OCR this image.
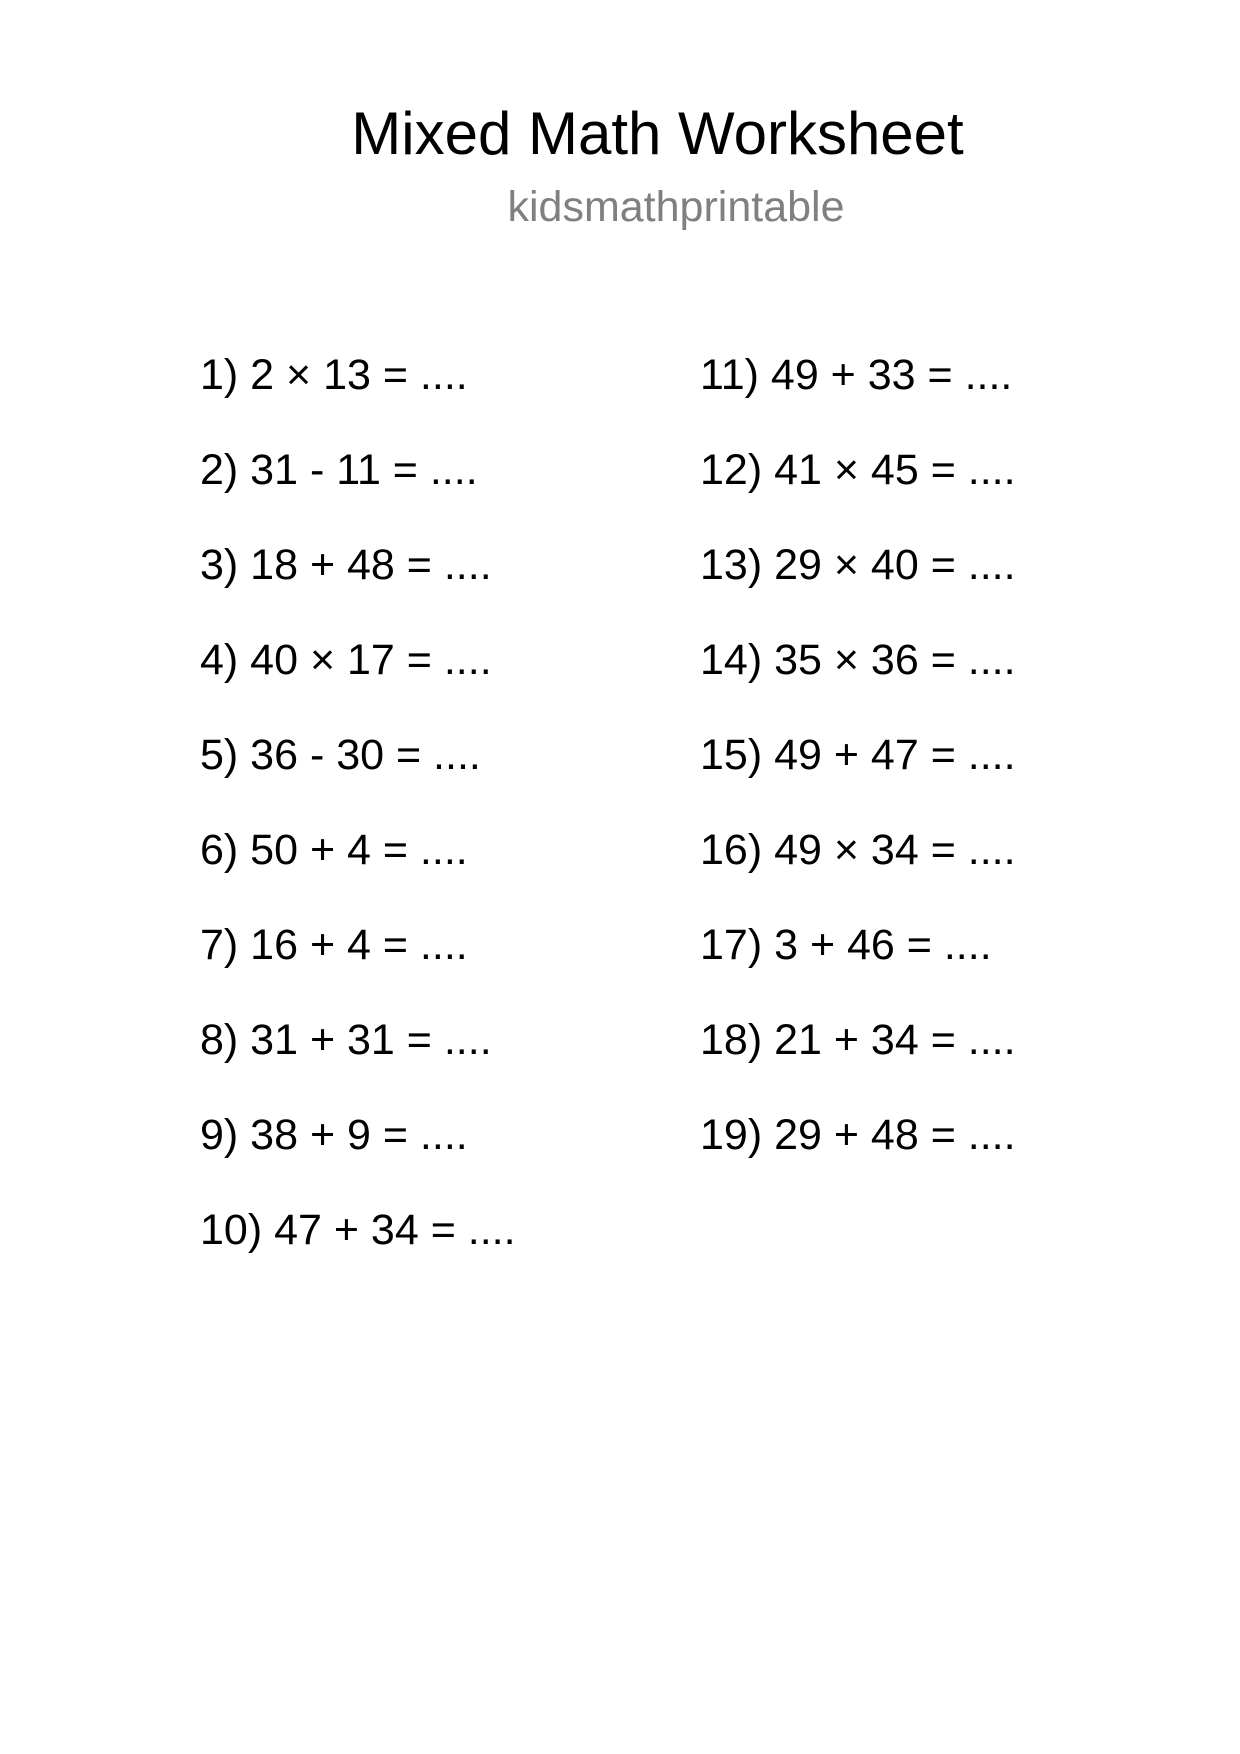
Mixed Math Worksheet
kidsmathprintable
1) 2 × 13 = ....
2) 31 - 11 = ....
3) 18 + 48 = ....
4) 40 × 17 = ....
5) 36 - 30 = ....
6) 50 + 4 = ....
7) 16 + 4 = ....
8) 31 + 31 = ....
9) 38 + 9 = ....
10) 47 + 34 = ....
11) 49 + 33 = ....
12) 41 × 45 = ....
13) 29 × 40 = ....
14) 35 × 36 = ....
15) 49 + 47 = ....
16) 49 × 34 = ....
17) 3 + 46 = ....
18) 21 + 34 = ....
19) 29 + 48 = ....
